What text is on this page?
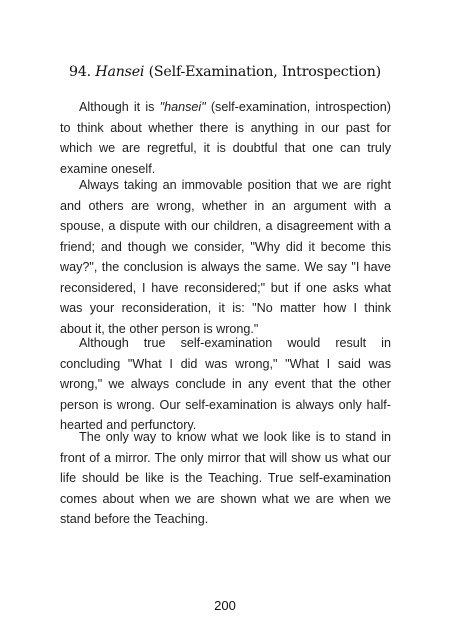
94. Hansei (Self-Examination, Introspection)

Although it is "hansei" (self-examination, introspection) to think about whether there is anything in our past for which we are regretful, it is doubtful that one can truly examine oneself.

Always taking an immovable position that we are right and others are wrong, whether in an argument with a spouse, a dispute with our children, a disagreement with a friend; and though we consider, "Why did it become this way?", the conclusion is always the same. We say "I have reconsidered, I have reconsidered;" but if one asks what was your reconsideration, it is: "No matter how I think about it, the other person is wrong."

Although true self-examination would result in concluding "What I did was wrong," "What I said was wrong," we always conclude in any event that the other person is wrong. Our self-examination is always only half-hearted and perfunctory.

The only way to know what we look like is to stand in front of a mirror. The only mirror that will show us what our life should be like is the Teaching. True self-examination comes about when we are shown what we are when we stand before the Teaching.

200
